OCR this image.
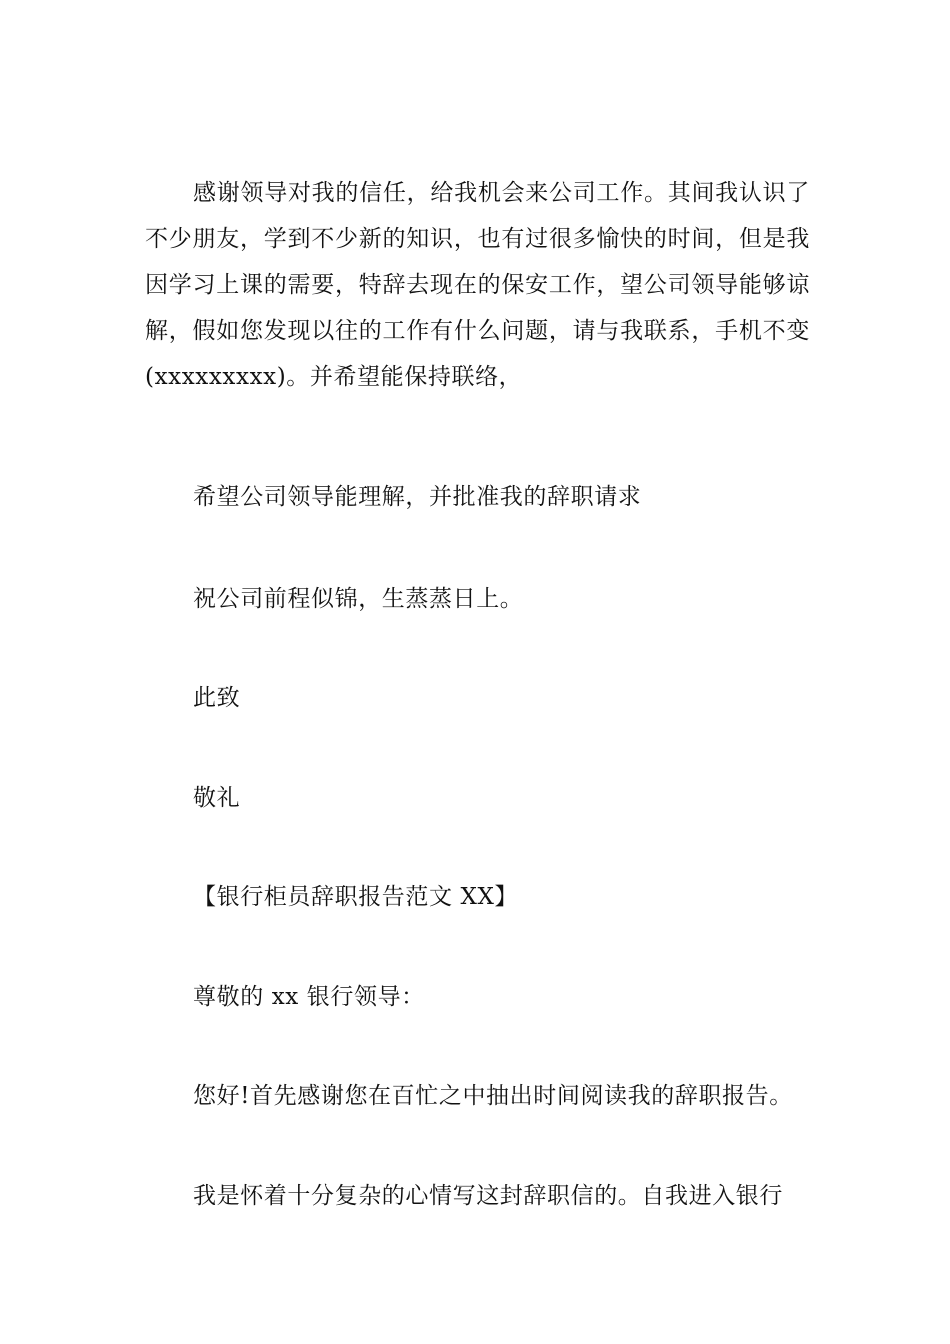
感谢领导对我的信任，给我机会来公司工作。其间我认识了不少朋友，学到不少新的知识，也有过很多愉快的时间，但是我因学习上课的需要，特辞去现在的保安工作，望公司领导能够谅解，假如您发现以往的工作有什么问题，请与我联系，手机不变 (xxxxxxxxx)。并希望能保持联络，

希望公司领导能理解，并批准我的辞职请求

祝公司前程似锦，生蒸蒸日上。

此致

敬礼

【银行柜员辞职报告范文 XX】

尊敬的 xx 银行领导：

您好!首先感谢您在百忙之中抽出时间阅读我的辞职报告。

我是怀着十分复杂的心情写这封辞职信的。自我进入银行
